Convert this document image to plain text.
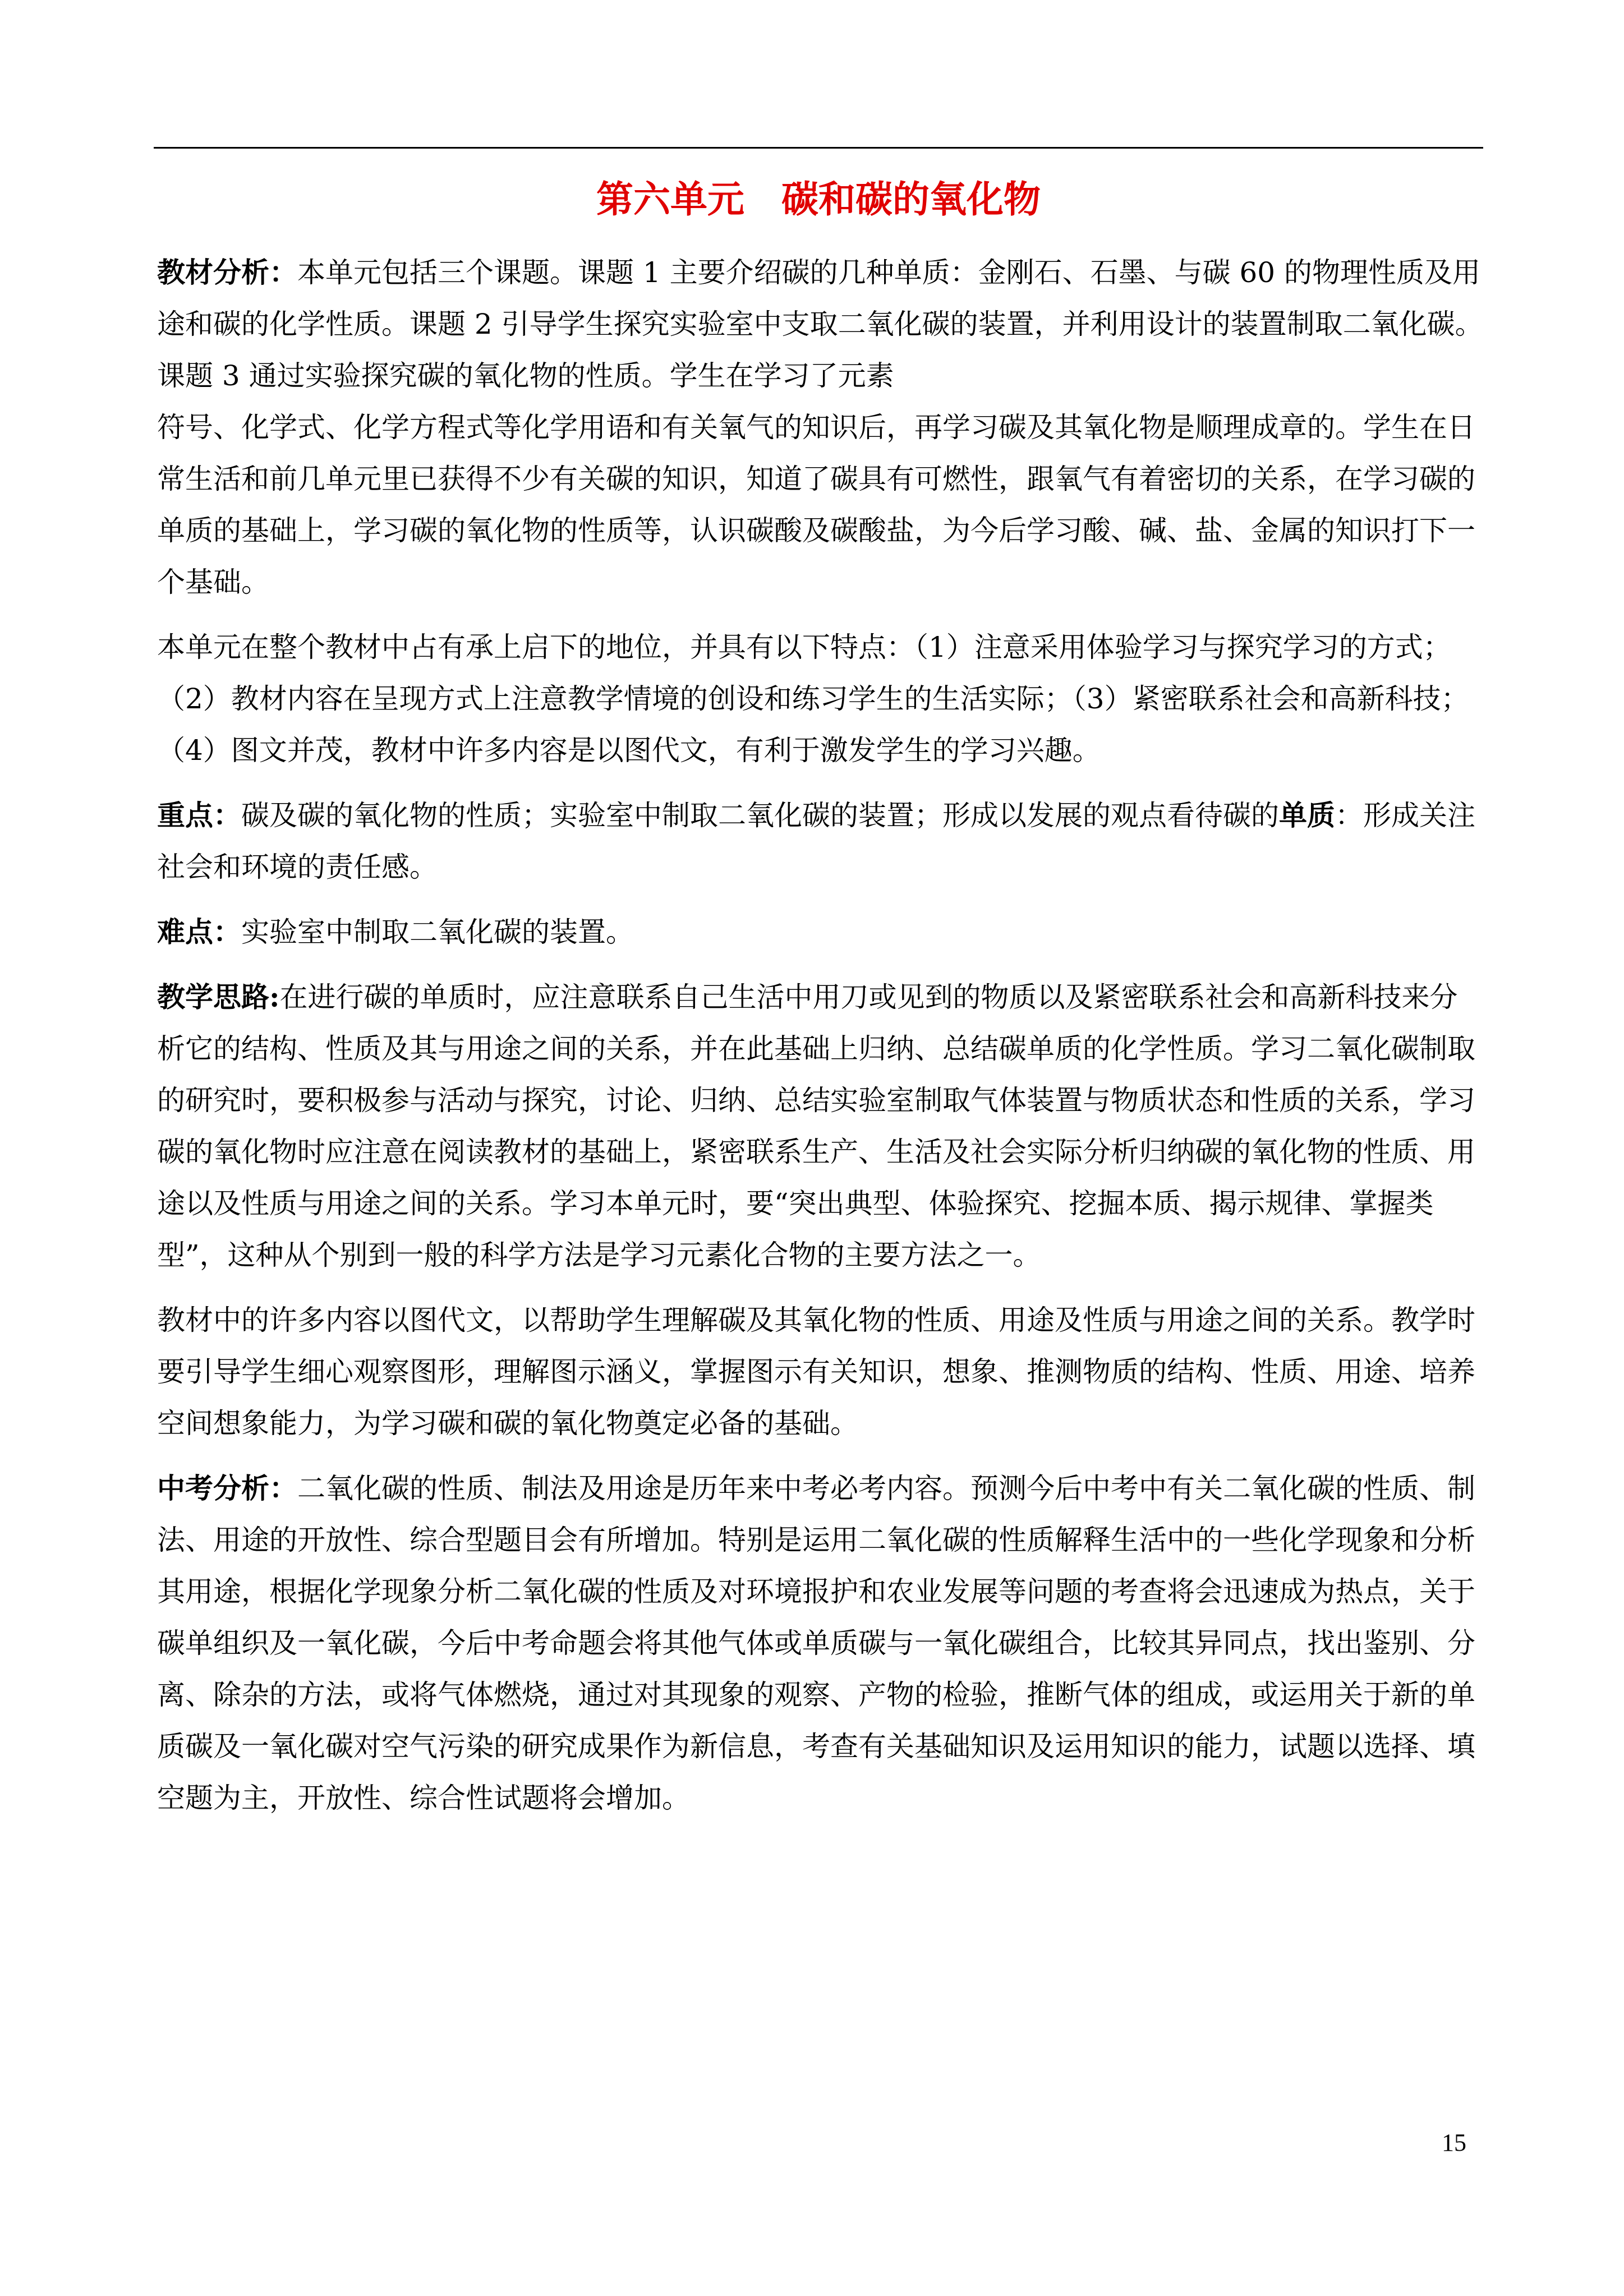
第六单元　碳和碳的氧化物

教材分析：本单元包括三个课题。课题 1 主要介绍碳的几种单质：金刚石、石墨、与碳 60 的物理性质及用途和碳的化学性质。课题 2 引导学生探究实验室中支取二氧化碳的装置，并利用设计的装置制取二氧化碳。课题 3 通过实验探究碳的氧化物的性质。学生在学习了元素

符号、化学式、化学方程式等化学用语和有关氧气的知识后，再学习碳及其氧化物是顺理成章的。学生在日常生活和前几单元里已获得不少有关碳的知识，知道了碳具有可燃性，跟氧气有着密切的关系，在学习碳的单质的基础上，学习碳的氧化物的性质等，认识碳酸及碳酸盐，为今后学习酸、碱、盐、金属的知识打下一个基础。

本单元在整个教材中占有承上启下的地位，并具有以下特点：（1）注意采用体验学习与探究学习的方式；（2）教材内容在呈现方式上注意教学情境的创设和练习学生的生活实际；（3）紧密联系社会和高新科技；（4）图文并茂，教材中许多内容是以图代文，有利于激发学生的学习兴趣。

重点：碳及碳的氧化物的性质；实验室中制取二氧化碳的装置；形成以发展的观点看待碳的单质：形成关注社会和环境的责任感。

难点：实验室中制取二氧化碳的装置。

教学思路:在进行碳的单质时，应注意联系自己生活中用刀或见到的物质以及紧密联系社会和高新科技来分析它的结构、性质及其与用途之间的关系，并在此基础上归纳、总结碳单质的化学性质。学习二氧化碳制取的研究时，要积极参与活动与探究，讨论、归纳、总结实验室制取气体装置与物质状态和性质的关系，学习碳的氧化物时应注意在阅读教材的基础上，紧密联系生产、生活及社会实际分析归纳碳的氧化物的性质、用途以及性质与用途之间的关系。学习本单元时，要“突出典型、体验探究、挖掘本质、揭示规律、掌握类型”，这种从个别到一般的科学方法是学习元素化合物的主要方法之一。

教材中的许多内容以图代文，以帮助学生理解碳及其氧化物的性质、用途及性质与用途之间的关系。教学时要引导学生细心观察图形，理解图示涵义，掌握图示有关知识，想象、推测物质的结构、性质、用途、培养空间想象能力，为学习碳和碳的氧化物奠定必备的基础。

中考分析：二氧化碳的性质、制法及用途是历年来中考必考内容。预测今后中考中有关二氧化碳的性质、制法、用途的开放性、综合型题目会有所增加。特别是运用二氧化碳的性质解释生活中的一些化学现象和分析其用途，根据化学现象分析二氧化碳的性质及对环境报护和农业发展等问题的考查将会迅速成为热点，关于碳单组织及一氧化碳，今后中考命题会将其他气体或单质碳与一氧化碳组合，比较其异同点，找出鉴别、分离、除杂的方法，或将气体燃烧，通过对其现象的观察、产物的检验，推断气体的组成，或运用关于新的单质碳及一氧化碳对空气污染的研究成果作为新信息，考查有关基础知识及运用知识的能力，试题以选择、填空题为主，开放性、综合性试题将会增加。

15
